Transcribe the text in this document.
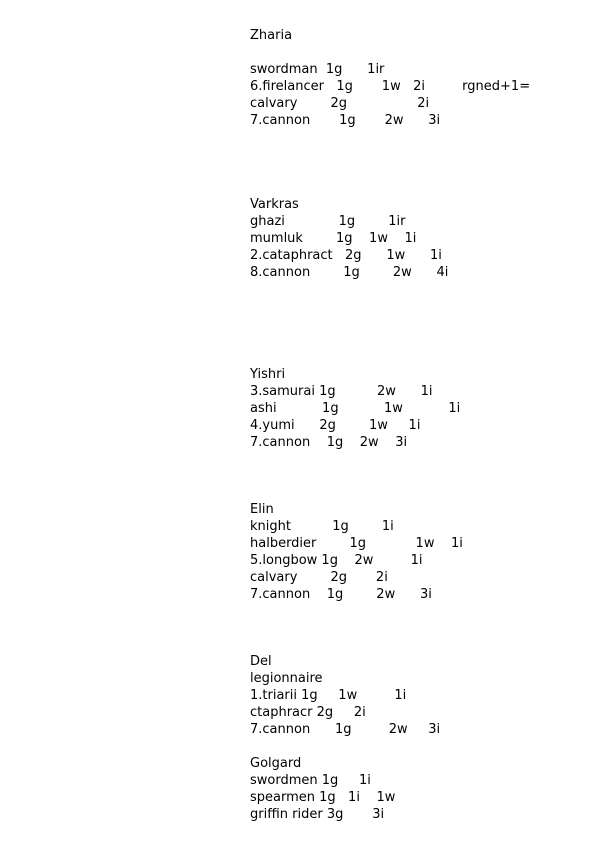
Zharia
swordman  1g      1ir
6.firelancer   1g       1w   2i         rgned+1=
calvary        2g                 2i
7.cannon       1g       2w      3i
Varkras
ghazi             1g        1ir
mumluk        1g    1w    1i
2.cataphract   2g      1w      1i
8.cannon        1g        2w      4i
Yishri
3.samurai 1g          2w      1i
ashi           1g           1w           1i
4.yumi      2g        1w     1i
7.cannon    1g    2w    3i
Elin
knight          1g        1i
halberdier        1g            1w    1i
5.longbow 1g    2w         1i
calvary        2g       2i
7.cannon    1g        2w      3i
Del
legionnaire
1.triarii 1g     1w         1i
ctaphracr 2g     2i
7.cannon      1g         2w     3i
Golgard
swordmen 1g     1i
spearmen 1g   1i    1w
griffin rider 3g       3i
